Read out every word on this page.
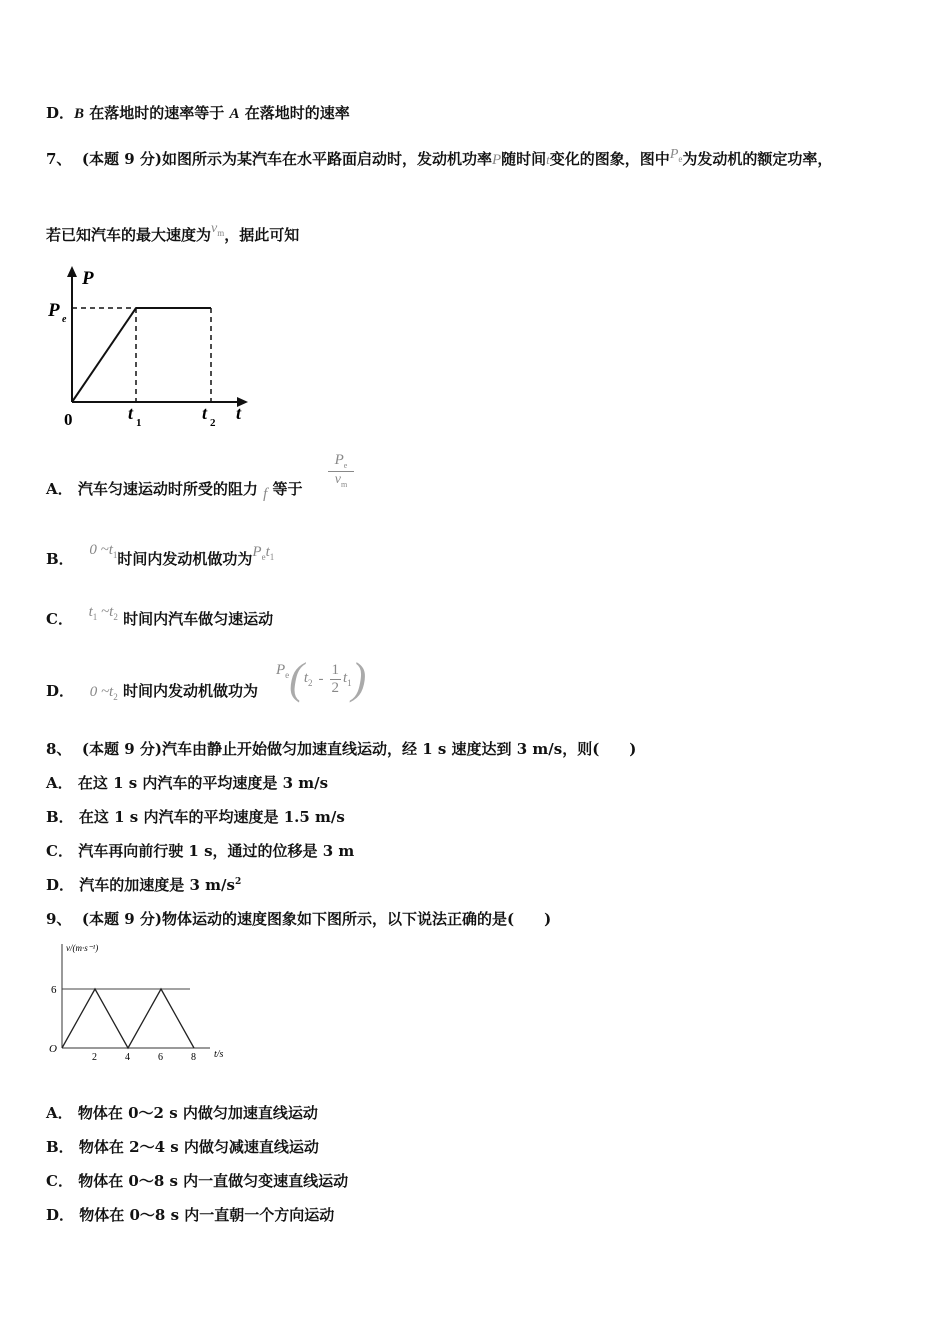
D．B 在落地时的速率等于 A 在落地时的速率
7、 (本题 9 分)如图所示为某汽车在水平路面启动时，发动机功率P随时间t变化的图象，图中$P_e$为发动机的额定功率，
若已知汽车的最大速度为$v_m$，据此可知
P
P e
0	t 1	t 2 t
A． 汽车匀速运动时所受的阻力 f 等于
$P_e$
$v_m$
B． 0 $\sim t_1$时间内发动机做功为$P_et_1$
C． $t_1$ $\sim t_2$ 时间内汽车做匀速运动
D． 0 $\sim t_2$ 时间内发动机做功为
$P_e$ ( $t_2$ -
1
2
$t_1$ )
8、 (本题 9 分)汽车由静止开始做匀加速直线运动，经 1 s 速度达到 3 m/s，则(　　)
A． 在这 1 s 内汽车的平均速度是 3 m/s
B． 在这 1 s 内汽车的平均速度是 1.5 m/s
C． 汽车再向前行驶 1 s，通过的位移是 3 m
D． 汽车的加速度是 3 $m/s^2$
9、 (本题 9 分)物体运动的速度图象如下图所示，以下说法正确的是(　　)
v/(m·s⁻¹)
t/s
O
6
2	4	6	8
A． 物体在 0～2 s 内做匀加速直线运动
B． 物体在 2～4 s 内做匀减速直线运动
C． 物体在 0～8 s 内一直做匀变速直线运动
D． 物体在 0～8 s 内一直朝一个方向运动
